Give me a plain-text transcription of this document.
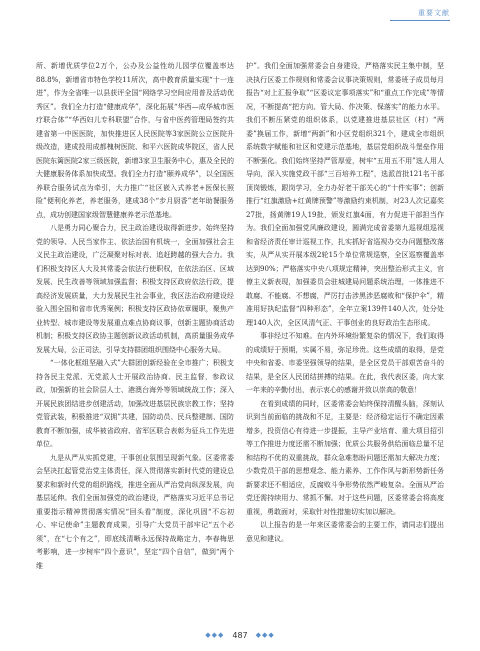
重要文献

所、新增优质学位2万个，公办及公益性幼儿园学位覆盖率达88.8%，新增省市特色学校11所次，高中教育质量实现“十一连进”，作为全省唯一以县获评全国“网络学习空间应用普及活动优秀区”。我们全力打造“健康成华”，深化拓展“华西—成华城市医疗联合体”“华西妇儿专科联盟”合作，与省中医药管理局签约共建省第一中医医院，加快推进区人民医院等3家医院公立医院升级改造，建成投用成都槐树医院、和平六医院成华院区，省人民医院东篱医院2家三级医院，新增3家卫生服务中心，惠及全民的大健康服务体系加快成型。我们全力打造“颐养成华”，以全国医养联合服务试点为牵引，大力推广“社区嵌入式养老+医保长照险”便利化养老，养老服务，建成38个“步月厨香”老年助餐服务点，成功创建国家级智慧健康养老示范基地。

八是勇力同心聚合力，民主政治建设取得新进步。始终坚持党的领导、人民当家作主、依法治国有机统一，全面加强社会主义民主政治建设，广泛凝聚对标对表、追赶跨越的强大合力。我们积极支持区人大及其常委会依法行使职权，在依法治区、区域发展、民生改善等领域加强监督；积极支持区政府依法行政，提高经济发展质量，大力发展民生社会事业，我区法治政府建设经验入围全国和省市优秀案例；积极支持区政协依章履职，聚焦产业转型、城市建设等发展重点难点协商议事，创新主题协商活动机制；积极支持区政协主题创新议政活动机制，高质量服务成华发展大局，公正司法，引导支持群团组织围绕中心服务大局。

“一体化框组坚融入式”大群团创新经验在全市推广；积极支持各民主党派、无党派人士开展政治协商、民主监督，参政议政，加强新的社会阶层人士、港澳台海外等领域统战工作；深入开展民族团结进步创建活动，加强改进基层民族宗教工作；坚持党管武装，积极推进“双拥”共建，国防动员、民兵整建制、国防教育不断加强，成华被省政府、省军区联合表彰为征兵工作先进单位。

九是从严从实抓党建，干事创业氛围呈现新气象。区委常委会坚决扛起管党治党主体责任，深入贯彻落实新时代党的建设总要求和新时代党的组织路线，推进全面从严治党向纵深发展，向基层延伸。我们全面加强党的政治建设，严格落实习近平总书记重要指示精神贯彻落实情况“回头看”制度，深化巩固“不忘初心、牢记使命”主题教育成果，引导广大党员干部牢记“五个必须”，在“七个有之”，即底线清晰永远保持战略定力，李春梅思考影响，进一步树牢“四个意识”，坚定“四个自信”，做到“两个维

护”。我们全面加强常委会自身建设，严格落实民主集中制，坚决执行区委工作规则和常委会议事决策规则，常委班子成员每月报告“对上汇报争取”“区委议定事项落实”和“重点工作完成”等情况，不断提高“把方向、管大局、作决策、保落实”的能力水平。我们不断压紧党的组织体系，以党建推进基层社区（村）“两委”换届工作，新增“两新”和小区党组织321个，建成全市组织系统数字赋能和社区和党建示范基地，基层党组织战斗堡垒作用不断强化。我们始终坚持严管厚爱，树牢“五用五不用”选人用人导向，深入实施党政干部“三百培养工程”，选派首批121名干部顶岗锻炼，跟岗学习，全力办好老干部关心的“十件实事”；创新推行“红旗激励+红黄牌预警”等激励约束机制，对23人次记嘉奖27批，扬黄牌19人19批，颁发红旗4面，有力促进干部担当作为。我们全面加强党风廉政建设，圆满完成省委第九巡视组巡视和省经济责任审计巡视工作，扎实抓好省巡视办交办问题整改落实，从严从实开展本级2轮15个单位常规巡察，全区巡察覆盖率达到90%；严格落实中央八项规定精神，突出整治形式主义，官僚主义新表现，加强委员会驻城建局问题系统治理，一体推进不敢腐、不能腐、不想腐，严厉打击涉黑涉恶腐败和“保护伞”，精准用好执纪监督“四种形态”，全年立案139件140人次，处分处理140人次，全区风清气正、干事创业的良好政治生态形成。

事非经过不知难。在内外环境纷繁复杂的情况下，我们取得的成绩好于预期，实属不易，弥足珍贵。这些成绩的取得，是党中央和省委、市委坚强领导的结果，是全区党员干部艰苦奋斗的结果，是全区人民团结拼搏的结果。在此，我代表区委，向大家一年来的辛勤付出，表示衷心的感谢并致以崇高的敬意！

在看到成绩的同时，区委常委会始终保持清醒头脑，深刻认识到当前面临的挑战和不足，主要是：经济稳定运行不确定因素增多，投资信心有待进一步提振，主导产业培育、重大项目招引等工作推进力度还需不断加强；优质公共服务供给面临总量不足和结构不优的双重挑战，群众急难愁盼问题还需加大解决力度；少数党员干部的思想观念、能力素养、工作作风与新形势新任务新要求还不相适应，反腐败斗争形势依然严峻复杂。全面从严治党还需持续用力、常抓不懈。对于这些问题，区委常委会将高度重视，勇敢面对，采取针对性措施切实加以解决。

以上报告的是一年来区委常委会的主要工作，请同志们提出意见和建议。

◆◆◆ 487 ◆◆◆
